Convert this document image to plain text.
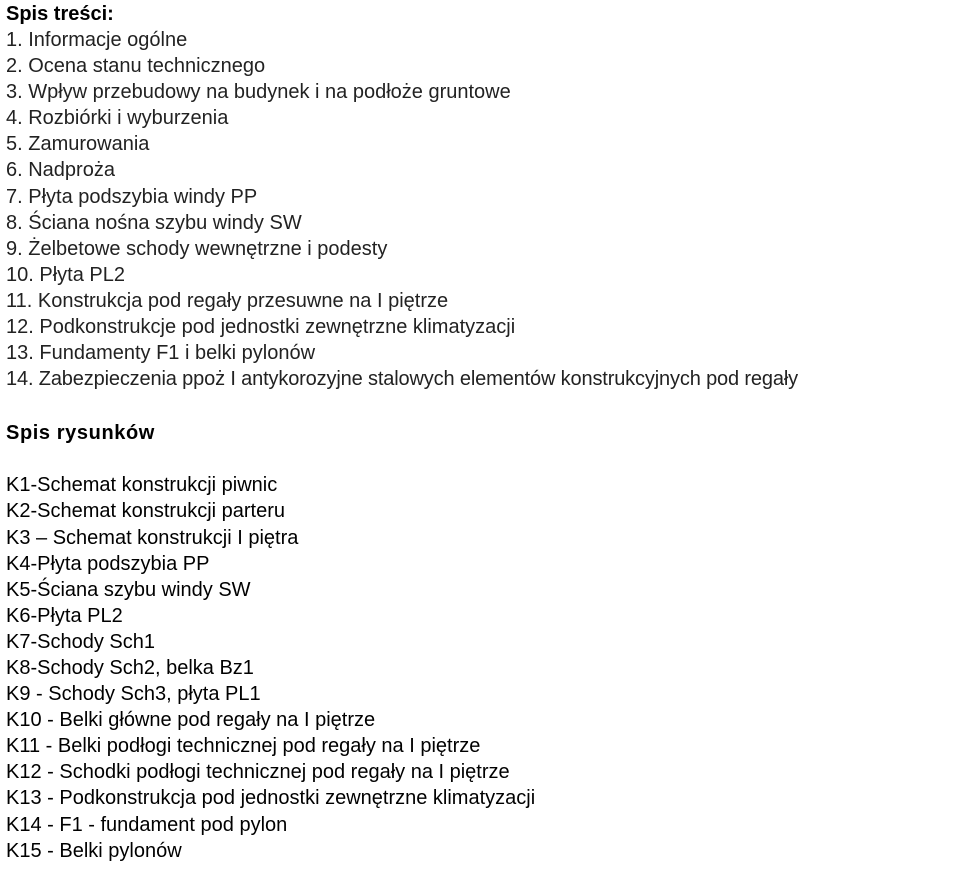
Spis treści:
1. Informacje ogólne
2. Ocena stanu technicznego
3. Wpływ przebudowy na budynek i na podłoże gruntowe
4. Rozbiórki i wyburzenia
5. Zamurowania
6. Nadproża
7. Płyta podszybia windy PP
8. Ściana nośna szybu windy SW
9. Żelbetowe schody wewnętrzne i podesty
10. Płyta PL2
11. Konstrukcja pod regały przesuwne na I piętrze
12. Podkonstrukcje pod jednostki zewnętrzne klimatyzacji
13. Fundamenty F1 i belki pylonów
14. Zabezpieczenia ppoż I antykorozyjne stalowych elementów konstrukcyjnych pod regały
Spis rysunków
K1-Schemat konstrukcji piwnic
K2-Schemat konstrukcji parteru
K3 – Schemat konstrukcji I piętra
K4-Płyta podszybia PP
K5-Ściana szybu windy SW
K6-Płyta PL2
K7-Schody Sch1
K8-Schody Sch2, belka Bz1
K9 - Schody Sch3, płyta PL1
K10 - Belki główne pod regały na I piętrze
K11 - Belki podłogi technicznej pod regały na I piętrze
K12 - Schodki podłogi technicznej pod regały na I piętrze
K13 - Podkonstrukcja pod jednostki zewnętrzne klimatyzacji
K14 - F1 - fundament pod pylon
K15 - Belki pylonów
